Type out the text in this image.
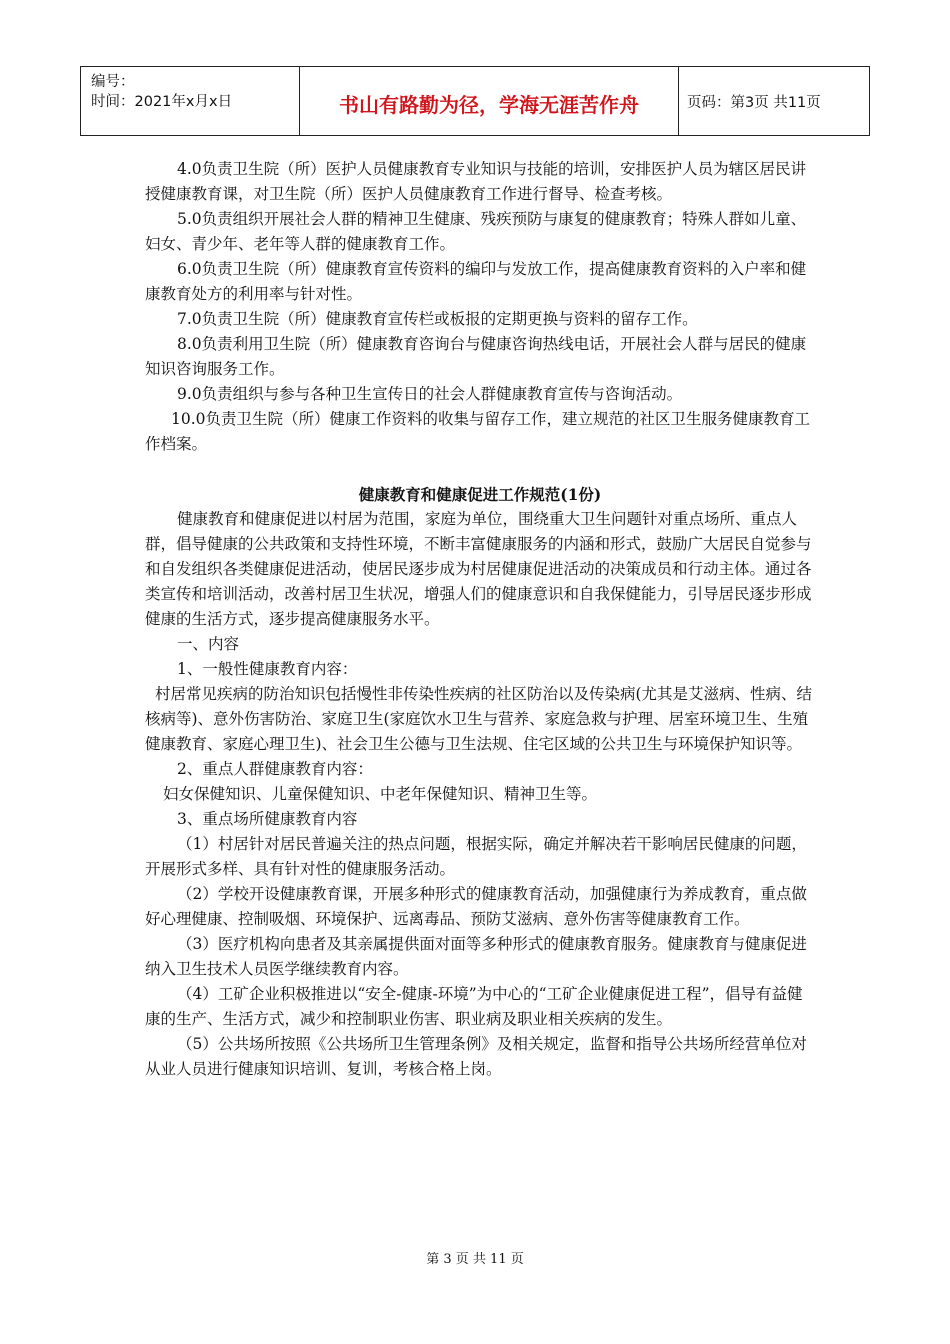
编号：
时间：2021年x月x日	书山有路勤为径，学海无涯苦作舟	页码：第3页 共11页

4.0负责卫生院（所）医护人员健康教育专业知识与技能的培训，安排医护人员为辖区居民讲授健康教育课，对卫生院（所）医护人员健康教育工作进行督导、检查考核。

5.0负责组织开展社会人群的精神卫生健康、残疾预防与康复的健康教育；特殊人群如儿童、妇女、青少年、老年等人群的健康教育工作。

6.0负责卫生院（所）健康教育宣传资料的编印与发放工作，提高健康教育资料的入户率和健康教育处方的利用率与针对性。

7.0负责卫生院（所）健康教育宣传栏或板报的定期更换与资料的留存工作。

8.0负责利用卫生院（所）健康教育咨询台与健康咨询热线电话，开展社会人群与居民的健康知识咨询服务工作。

9.0负责组织与参与各种卫生宣传日的社会人群健康教育宣传与咨询活动。

10.0负责卫生院（所）健康工作资料的收集与留存工作，建立规范的社区卫生服务健康教育工作档案。

健康教育和健康促进工作规范(1份)

健康教育和健康促进以村居为范围，家庭为单位，围绕重大卫生问题针对重点场所、重点人群，倡导健康的公共政策和支持性环境，不断丰富健康服务的内涵和形式，鼓励广大居民自觉参与和自发组织各类健康促进活动，使居民逐步成为村居健康促进活动的决策成员和行动主体。通过各类宣传和培训活动，改善村居卫生状况，增强人们的健康意识和自我保健能力，引导居民逐步形成健康的生活方式，逐步提高健康服务水平。

一、内容

1、一般性健康教育内容：

村居常见疾病的防治知识包括慢性非传染性疾病的社区防治以及传染病(尤其是艾滋病、性病、结核病等)、意外伤害防治、家庭卫生(家庭饮水卫生与营养、家庭急救与护理、居室环境卫生、生殖健康教育、家庭心理卫生)、社会卫生公德与卫生法规、住宅区域的公共卫生与环境保护知识等。

2、重点人群健康教育内容：

妇女保健知识、儿童保健知识、中老年保健知识、精神卫生等。

3、重点场所健康教育内容

（1）村居针对居民普遍关注的热点问题，根据实际，确定并解决若干影响居民健康的问题，开展形式多样、具有针对性的健康服务活动。

（2）学校开设健康教育课，开展多种形式的健康教育活动，加强健康行为养成教育，重点做好心理健康、控制吸烟、环境保护、远离毒品、预防艾滋病、意外伤害等健康教育工作。

（3）医疗机构向患者及其亲属提供面对面等多种形式的健康教育服务。健康教育与健康促进纳入卫生技术人员医学继续教育内容。

（4）工矿企业积极推进以“安全-健康-环境”为中心的“工矿企业健康促进工程”，倡导有益健康的生产、生活方式，减少和控制职业伤害、职业病及职业相关疾病的发生。

（5）公共场所按照《公共场所卫生管理条例》及相关规定，监督和指导公共场所经营单位对从业人员进行健康知识培训、复训，考核合格上岗。

第 3 页 共 11 页
